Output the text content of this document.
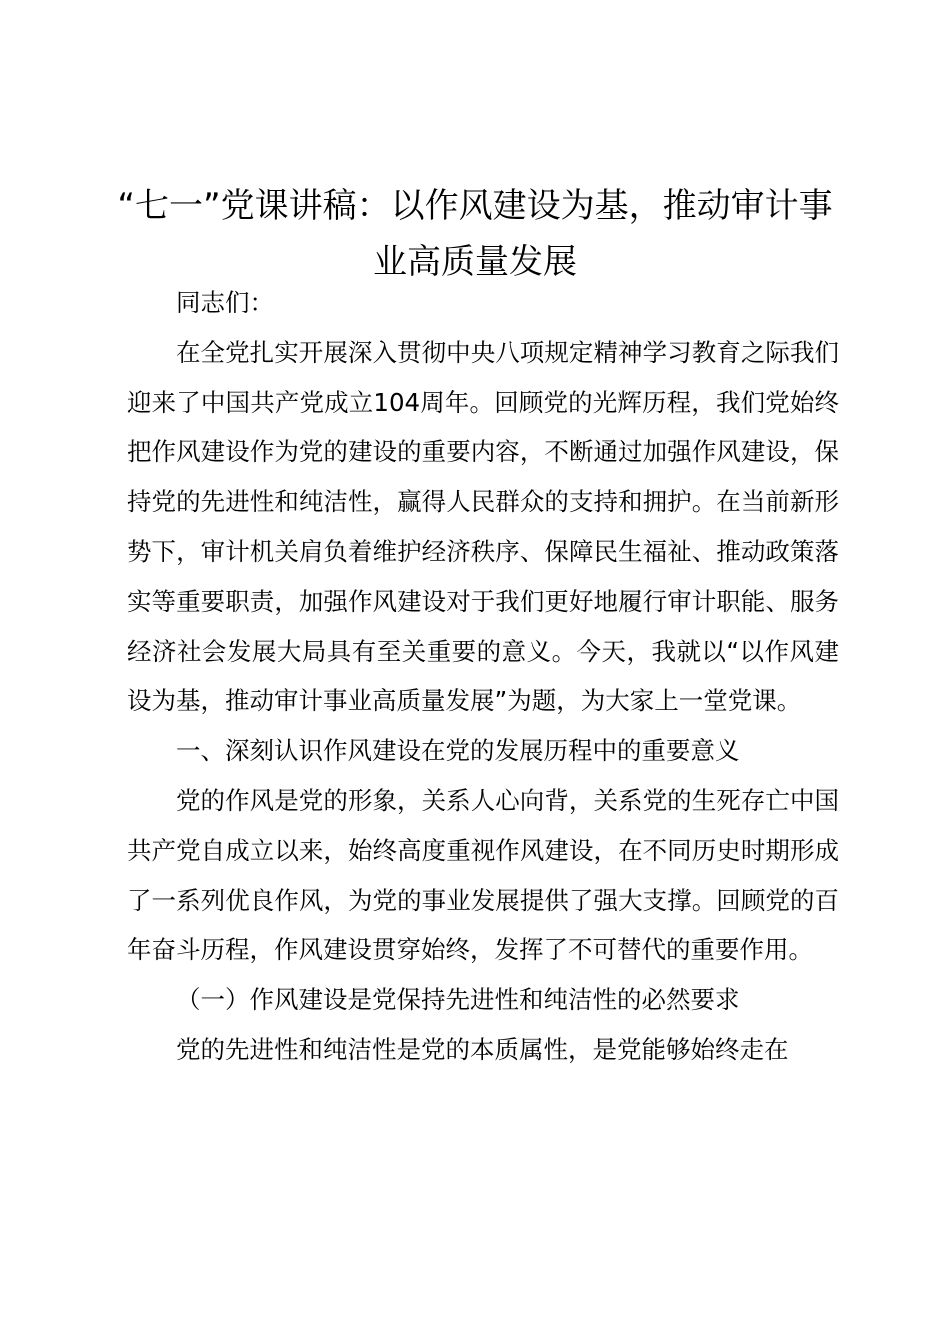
“七一”党课讲稿：以作风建设为基，推动审计事业高质量发展

同志们：

在全党扎实开展深入贯彻中央八项规定精神学习教育之际我们迎来了中国共产党成立104周年。回顾党的光辉历程，我们党始终把作风建设作为党的建设的重要内容，不断通过加强作风建设，保持党的先进性和纯洁性，赢得人民群众的支持和拥护。在当前新形势下，审计机关肩负着维护经济秩序、保障民生福祉、推动政策落实等重要职责，加强作风建设对于我们更好地履行审计职能、服务经济社会发展大局具有至关重要的意义。今天，我就以“以作风建设为基，推动审计事业高质量发展”为题，为大家上一堂党课。

一、深刻认识作风建设在党的发展历程中的重要意义

党的作风是党的形象，关系人心向背，关系党的生死存亡中国共产党自成立以来，始终高度重视作风建设，在不同历史时期形成了一系列优良作风，为党的事业发展提供了强大支撑。回顾党的百年奋斗历程，作风建设贯穿始终，发挥了不可替代的重要作用。

（一）作风建设是党保持先进性和纯洁性的必然要求

党的先进性和纯洁性是党的本质属性，是党能够始终走在
